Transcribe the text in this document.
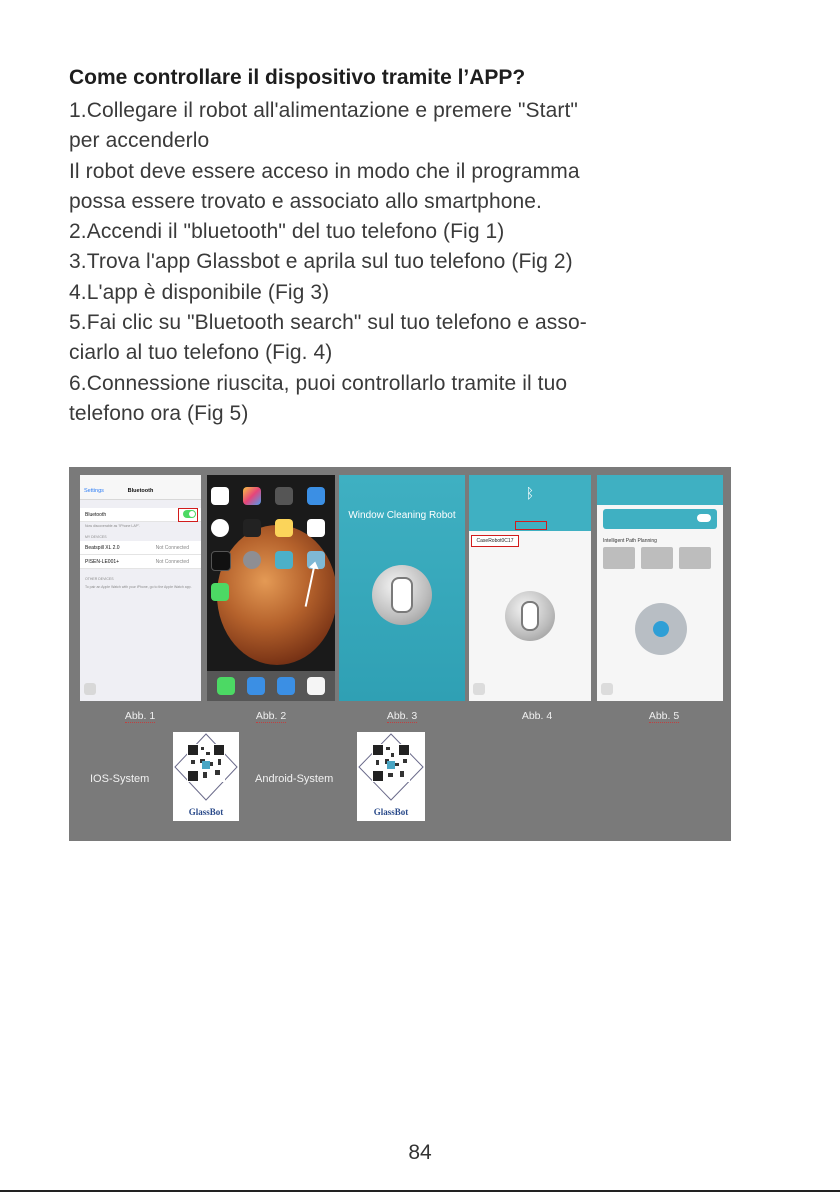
Come controllare il dispositivo tramite l’APP?

1.Collegare il robot all'alimentazione e premere "Start"

per accenderlo

Il robot deve essere acceso in modo che il programma

possa essere trovato e associato allo smartphone.

2.Accendi il "bluetooth" del tuo telefono (Fig 1)

3.Trova l'app Glassbot e aprila sul tuo telefono (Fig 2)

4.L'app è disponibile (Fig 3)

5.Fai clic su "Bluetooth search" sul tuo telefono e asso-

ciarlo al tuo telefono (Fig. 4)

6.Connessione riuscita, puoi controllarlo tramite il tuo

telefono ora (Fig 5)

Settings	Bluetooth
Bluetooth
Now discoverable as "iPhone LAP".
MY DEVICES
Beatspill XL 2.0	Not Connected
PISEN-LE001+	Not Connected
OTHER DEVICES
To pair an Apple Watch with your iPhone, go to the Apple Watch app.
Window Cleaning Robot
ᛒ
CaseRobot0C17	Intelligent Path Planning
Abb. 1	Abb. 2	Abb. 3	Abb. 4	Abb. 5
IOS-System
GlassBot
Android-System
GlassBot
84
